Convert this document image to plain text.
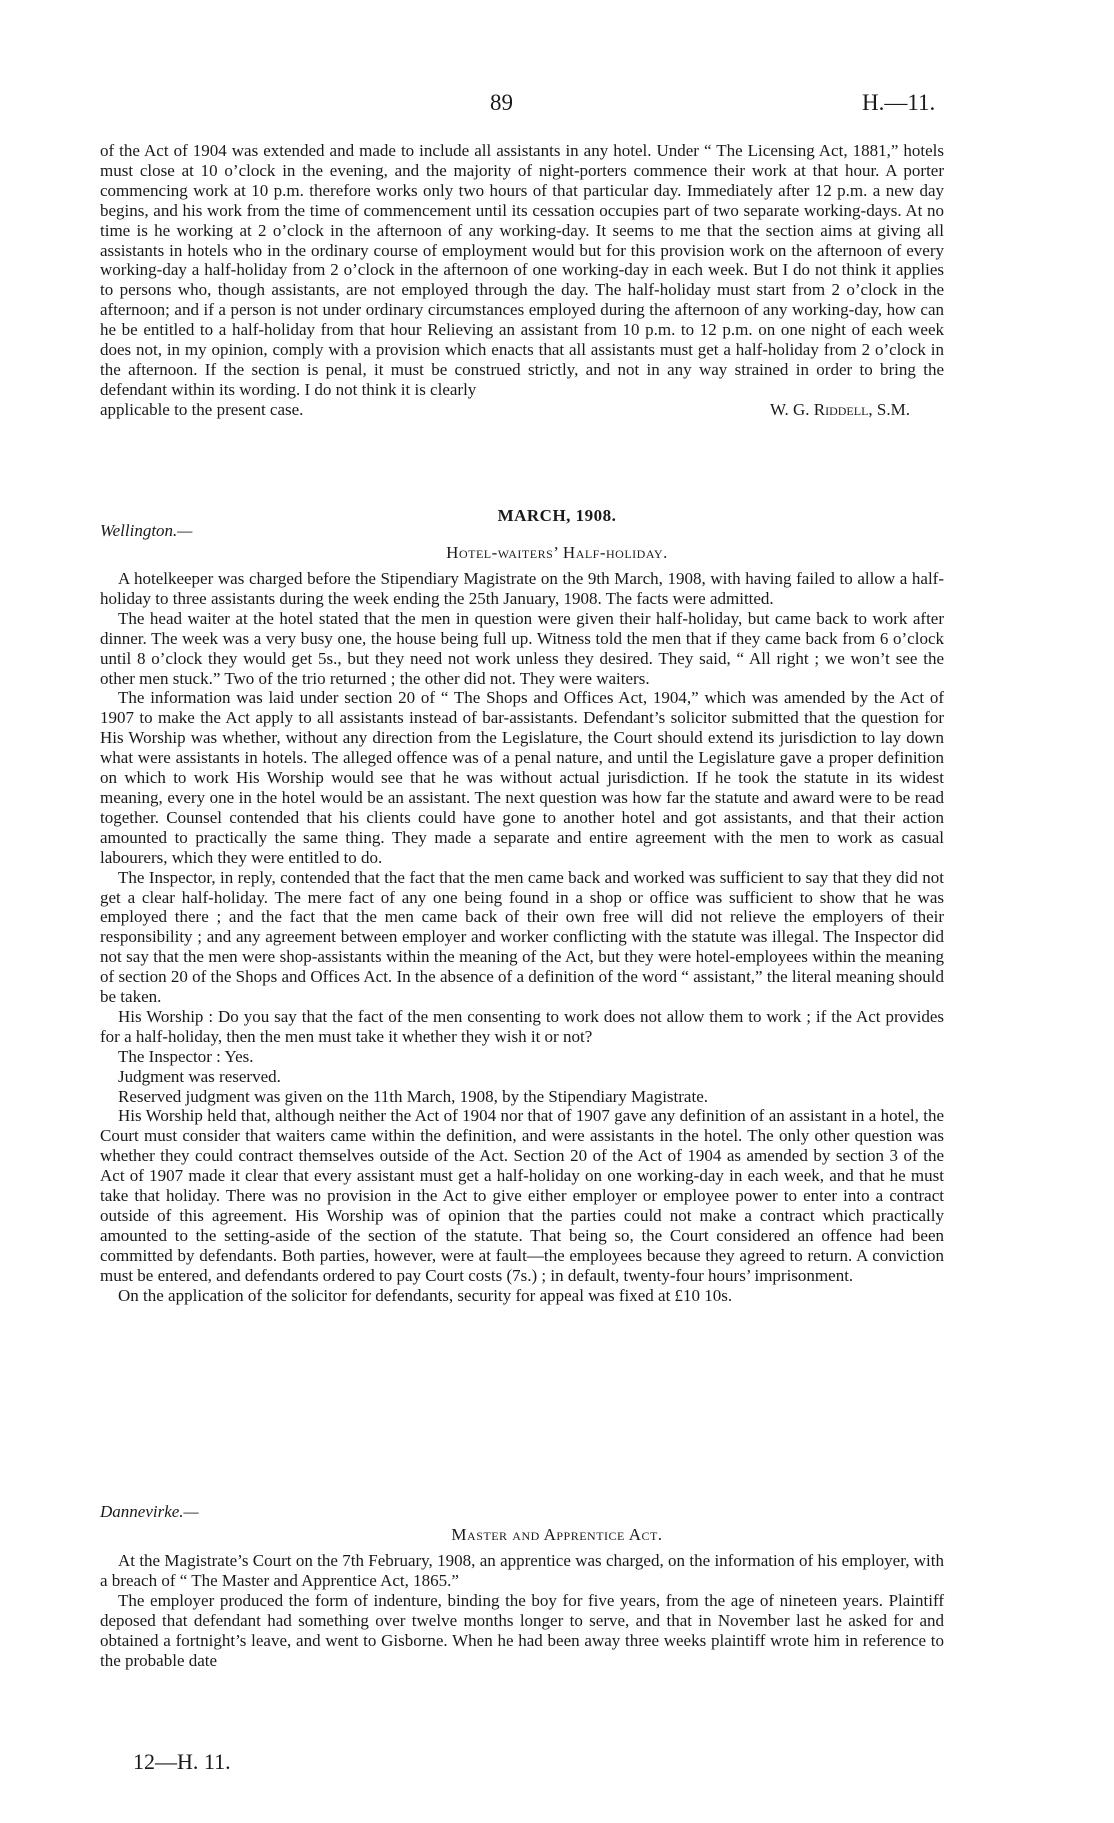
89	H.—11.

of the Act of 1904 was extended and made to include all assistants in any hotel. Under “ The Licensing Act, 1881,” hotels must close at 10 o’clock in the evening, and the majority of night-porters commence their work at that hour. A porter commencing work at 10 p.m. therefore works only two hours of that particular day. Immediately after 12 p.m. a new day begins, and his work from the time of commencement until its cessation occupies part of two separate working-days. At no time is he working at 2 o’clock in the afternoon of any working-day. It seems to me that the section aims at giving all assistants in hotels who in the ordinary course of employment would but for this provision work on the afternoon of every working-day a half-holiday from 2 o’clock in the afternoon of one working-day in each week. But I do not think it applies to persons who, though assistants, are not employed through the day. The half-holiday must start from 2 o’clock in the afternoon; and if a person is not under ordinary circumstances employed during the afternoon of any working-day, how can he be entitled to a half-holiday from that hour Relieving an assistant from 10 p.m. to 12 p.m. on one night of each week does not, in my opinion, comply with a provision which enacts that all assistants must get a half-holiday from 2 o’clock in the afternoon. If the section is penal, it must be construed strictly, and not in any way strained in order to bring the defendant within its wording. I do not think it is clearly

applicable to the present case.	W. G. Riddell, S.M.
MARCH, 1908.
Wellington.—
Hotel-waiters’ Half-holiday.

A hotelkeeper was charged before the Stipendiary Magistrate on the 9th March, 1908, with having failed to allow a half-holiday to three assistants during the week ending the 25th January, 1908. The facts were admitted.

The head waiter at the hotel stated that the men in question were given their half-holiday, but came back to work after dinner. The week was a very busy one, the house being full up. Witness told the men that if they came back from 6 o’clock until 8 o’clock they would get 5s., but they need not work unless they desired. They said, “ All right ; we won’t see the other men stuck.” Two of the trio returned ; the other did not. They were waiters.

The information was laid under section 20 of “ The Shops and Offices Act, 1904,” which was amended by the Act of 1907 to make the Act apply to all assistants instead of bar-assistants. Defendant’s solicitor submitted that the question for His Worship was whether, without any direction from the Legislature, the Court should extend its jurisdiction to lay down what were assistants in hotels. The alleged offence was of a penal nature, and until the Legislature gave a proper definition on which to work His Worship would see that he was without actual jurisdiction. If he took the statute in its widest meaning, every one in the hotel would be an assistant. The next question was how far the statute and award were to be read together. Counsel contended that his clients could have gone to another hotel and got assistants, and that their action amounted to practically the same thing. They made a separate and entire agreement with the men to work as casual labourers, which they were entitled to do.

The Inspector, in reply, contended that the fact that the men came back and worked was sufficient to say that they did not get a clear half-holiday. The mere fact of any one being found in a shop or office was sufficient to show that he was employed there ; and the fact that the men came back of their own free will did not relieve the employers of their responsibility ; and any agreement between employer and worker conflicting with the statute was illegal. The Inspector did not say that the men were shop-assistants within the meaning of the Act, but they were hotel-employees within the meaning of section 20 of the Shops and Offices Act. In the absence of a definition of the word “ assistant,” the literal meaning should be taken.

His Worship : Do you say that the fact of the men consenting to work does not allow them to work ; if the Act provides for a half-holiday, then the men must take it whether they wish it or not?

The Inspector : Yes.

Judgment was reserved.

Reserved judgment was given on the 11th March, 1908, by the Stipendiary Magistrate.

His Worship held that, although neither the Act of 1904 nor that of 1907 gave any definition of an assistant in a hotel, the Court must consider that waiters came within the definition, and were assistants in the hotel. The only other question was whether they could contract themselves outside of the Act. Section 20 of the Act of 1904 as amended by section 3 of the Act of 1907 made it clear that every assistant must get a half-holiday on one working-day in each week, and that he must take that holiday. There was no provision in the Act to give either employer or employee power to enter into a contract outside of this agreement. His Worship was of opinion that the parties could not make a contract which practically amounted to the setting-aside of the section of the statute. That being so, the Court considered an offence had been committed by defendants. Both parties, however, were at fault—the employees because they agreed to return. A conviction must be entered, and defendants ordered to pay Court costs (7s.) ; in default, twenty-four hours’ imprisonment.

On the application of the solicitor for defendants, security for appeal was fixed at £10 10s.

Dannevirke.—
Master and Apprentice Act.

At the Magistrate’s Court on the 7th February, 1908, an apprentice was charged, on the information of his employer, with a breach of “ The Master and Apprentice Act, 1865.”

The employer produced the form of indenture, binding the boy for five years, from the age of nineteen years. Plaintiff deposed that defendant had something over twelve months longer to serve, and that in November last he asked for and obtained a fortnight’s leave, and went to Gisborne. When he had been away three weeks plaintiff wrote him in reference to the probable date

12—H. 11.
